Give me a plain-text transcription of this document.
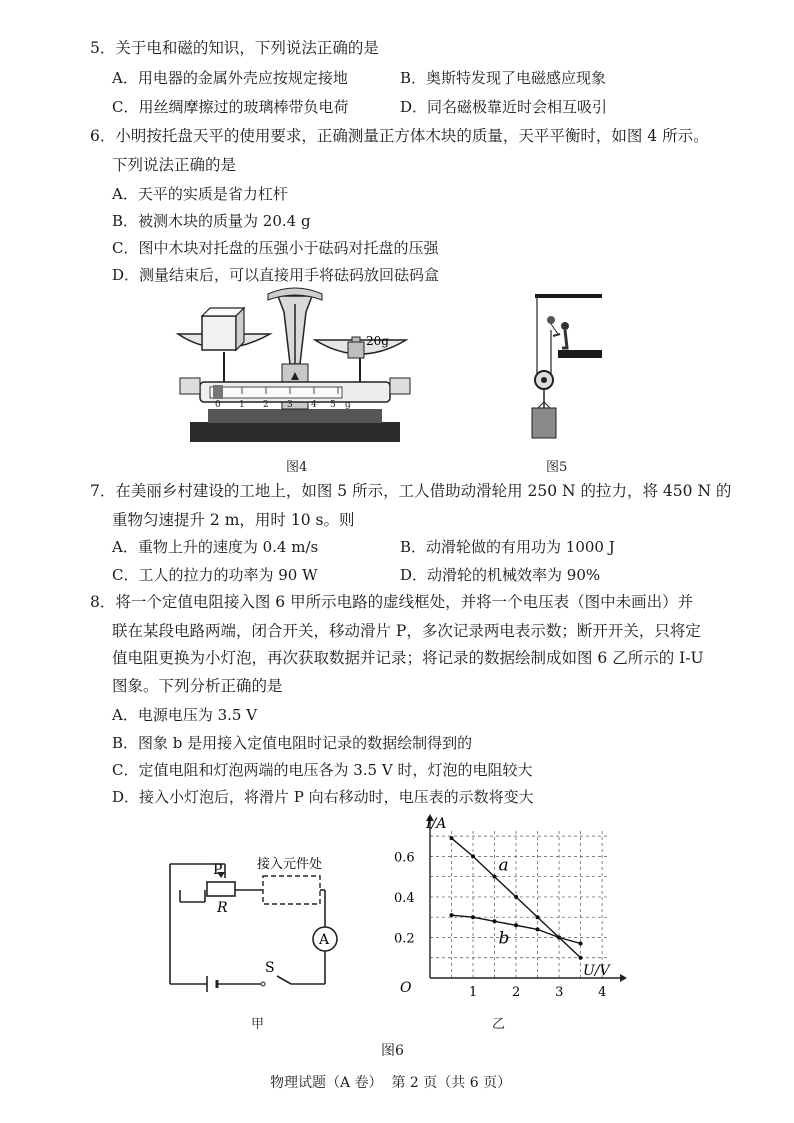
5．关于电和磁的知识，下列说法正确的是
A．用电器的金属外壳应按规定接地	B．奥斯特发现了电磁感应现象
C．用丝绸摩擦过的玻璃棒带负电荷	D．同名磁极靠近时会相互吸引
6．小明按托盘天平的使用要求，正确测量正方体木块的质量，天平平衡时，如图 4 所示。
下列说法正确的是
A．天平的实质是省力杠杆
B．被测木块的质量为 20.4 g
C．图中木块对托盘的压强小于砝码对托盘的压强
D．测量结束后，可以直接用手将砝码放回砝码盒
20g
0 1 2 3 4 5 g
图4	图5
7．在美丽乡村建设的工地上，如图 5 所示，工人借助动滑轮用 250 N 的拉力，将 450 N 的
重物匀速提升 2 m，用时 10 s。则
A．重物上升的速度为 0.4 m/s	B．动滑轮做的有用功为 1000 J
C．工人的拉力的功率为 90 W	D．动滑轮的机械效率为 90%
8．将一个定值电阻接入图 6 甲所示电路的虚线框处，并将一个电压表（图中未画出）并
联在某段电路两端，闭合开关，移动滑片 P，多次记录两电表示数；断开开关，只将定
值电阻更换为小灯泡，再次获取数据并记录；将记录的数据绘制成如图 6 乙所示的 I-U
图象。下列分析正确的是
A．电源电压为 3.5 V
B．图象 b 是用接入定值电阻时记录的数据绘制得到的
C．定值电阻和灯泡两端的电压各为 3.5 V 时，灯泡的电阻较大
D．接入小灯泡后，将滑片 P 向右移动时，电压表的示数将变大
P
R
A
S
接入元件处
甲
1	2	3	4
0.2
0.4
0.6	a
b
I/A
U/V
O
乙
图6
物理试题（A 卷）  第 2 页（共 6 页）
